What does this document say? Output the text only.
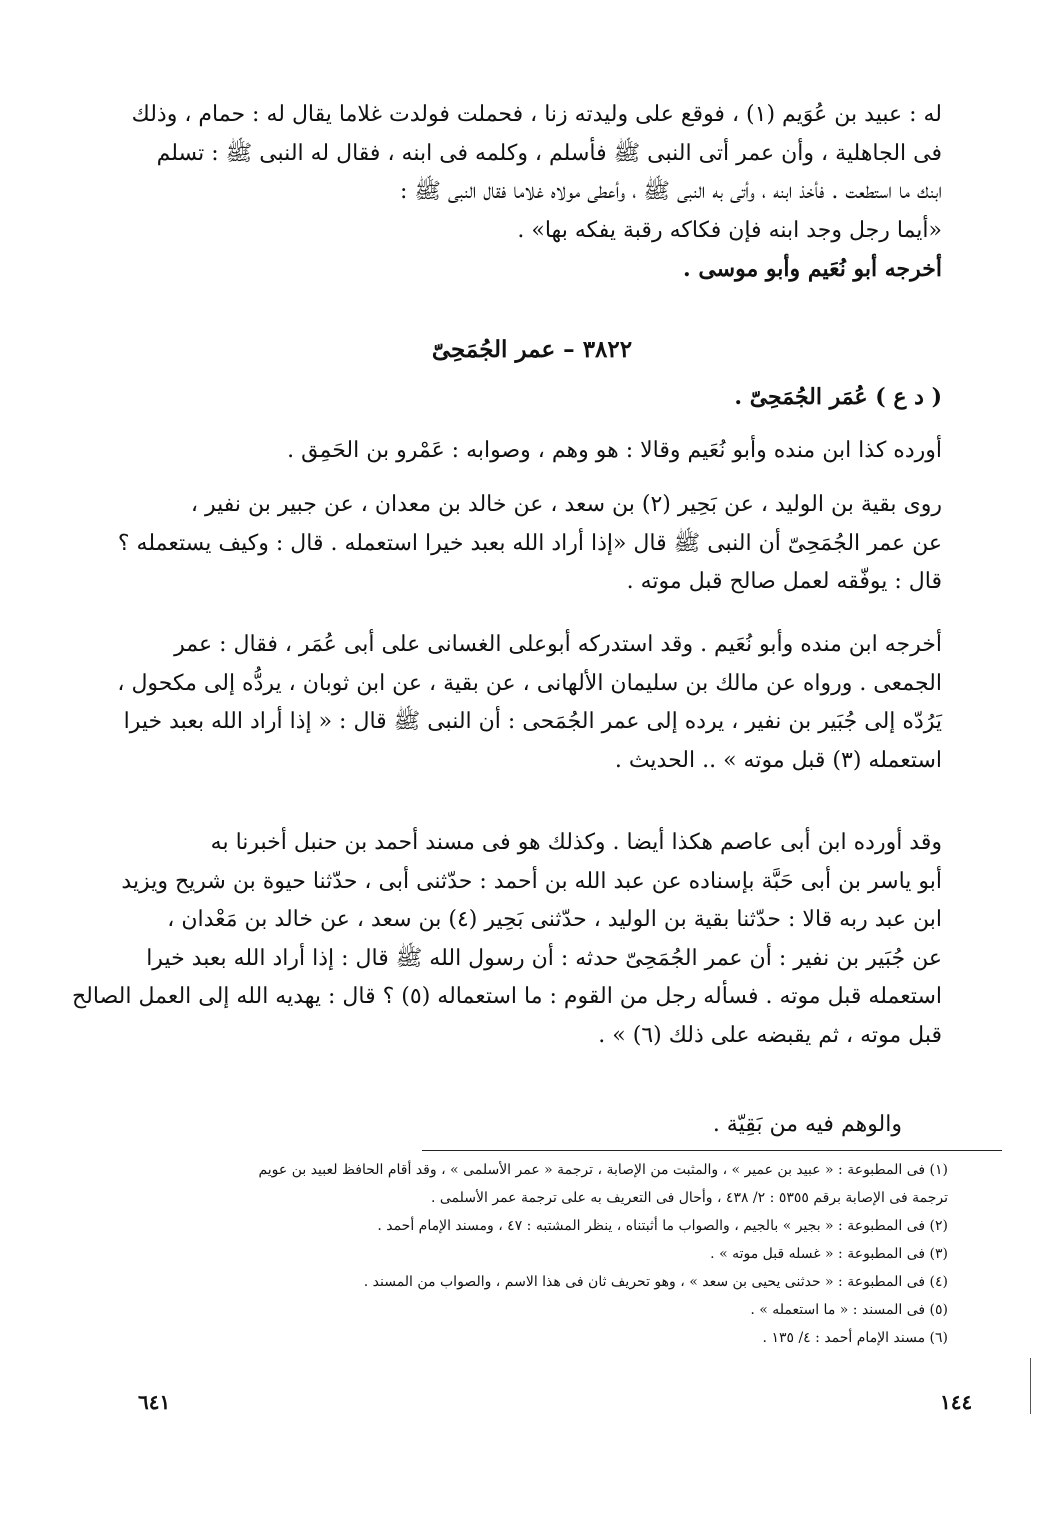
له : عبيد بن عُوَيم (١) ، فوقع على وليدته زنا ، فحملت فولدت غلاما يقال له : حمام ، وذلك
فى الجاهلية ، وأن عمر أتى النبى ﷺ فأسلم ، وكلمه فى ابنه ، فقال له النبى ﷺ : تسلم
ابنك ما استطعت . فأخذ ابنه ، وأتى به النبى ﷺ ، وأعطى مولاه غلاما فقال النبى ﷺ :
«أيما رجل وجد ابنه فإن فكاكه رقبة يفكه بها» .
أخرجه أبو نُعَيم وأبو موسى .
٣٨٢٢ – عمر الجُمَحِىّ
( د ع ) عُمَر الجُمَحِىّ .
أورده كذا ابن منده وأبو نُعَيم وقالا : هو وهم ، وصوابه : عَمْرو بن الحَمِق .
روى بقية بن الوليد ، عن بَحِير (٢) بن سعد ، عن خالد بن معدان ، عن جبير بن نفير ،
عن عمر الجُمَحِىّ أن النبى ﷺ قال «إذا أراد الله بعبد خيرا استعمله . قال : وكيف يستعمله ؟
قال : يوفّقه لعمل صالح قبل موته .
أخرجه ابن منده وأبو نُعَيم . وقد استدركه أبوعلى الغسانى على أبى عُمَر ، فقال : عمر
الجمعى . ورواه عن مالك بن سليمان الألهانى ، عن بقية ، عن ابن ثوبان ، يردُّه إلى مكحول ،
يَرُدّه إلى جُبَير بن نفير ، يرده إلى عمر الجُمَحى : أن النبى ﷺ قال : « إذا أراد الله بعبد خيرا
استعمله (٣) قبل موته » .. الحديث .
وقد أورده ابن أبى عاصم هكذا أيضا . وكذلك هو فى مسند أحمد بن حنبل أخبرنا به
أبو ياسر بن أبى حَبَّة بإسناده عن عبد الله بن أحمد : حدّثنى أبى ، حدّثنا حيوة بن شريح ويزيد
ابن عبد ربه قالا : حدّثنا بقية بن الوليد ، حدّثنى بَحِير (٤) بن سعد ، عن خالد بن مَعْدان ،
عن جُبَير بن نفير : أن عمر الجُمَحِىّ حدثه : أن رسول الله ﷺ قال : إذا أراد الله بعبد خيرا
استعمله قبل موته . فسأله رجل من القوم : ما استعماله (٥) ؟ قال : يهديه الله إلى العمل الصالح
قبل موته ، ثم يقبضه على ذلك (٦) » .
والوهم فيه من بَقِيّة .
(١) فى المطبوعة : « عبيد بن عمير » ، والمثبت من الإصابة ، ترجمة « عمر الأسلمى » ، وقد أقام الحافظ لعبيد بن عويم
ترجمة فى الإصابة برقم ٥٣٥٥ : ٢/ ٤٣٨ ، وأحال فى التعريف به على ترجمة عمر الأسلمى .
(٢) فى المطبوعة : « بجير » بالجيم ، والصواب ما أثبتناه ، ينظر المشتبه : ٤٧ ، ومسند الإمام أحمد .
(٣) فى المطبوعة : « غسله قبل موته » .
(٤) فى المطبوعة : « حدثنى يحيى بن سعد » ، وهو تحريف ثان فى هذا الاسم ، والصواب من المسند .
(٥) فى المسند : « ما استعمله » .
(٦) مسند الإمام أحمد : ٤/ ١٣٥ .
١٤٤
٦٤١
